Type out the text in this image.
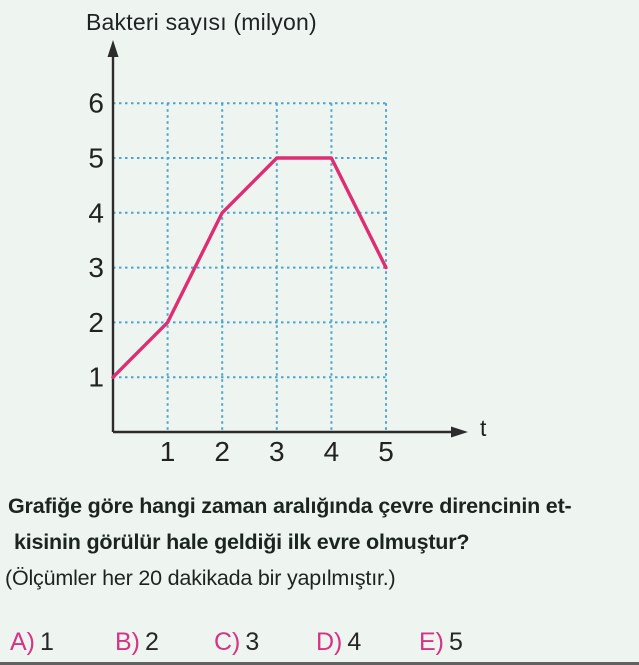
1 2 3 4 5
1
2
3
4
5
6
Bakteri sayısı (milyon)
t
Grafiğe göre hangi zaman aralığında çevre direncinin et-
kisinin görülür hale geldiği ilk evre olmuştur?
(Ölçümler her 20 dakikada bir yapılmıştır.)
A) 1 B) 2 C) 3 D) 4 E) 5
